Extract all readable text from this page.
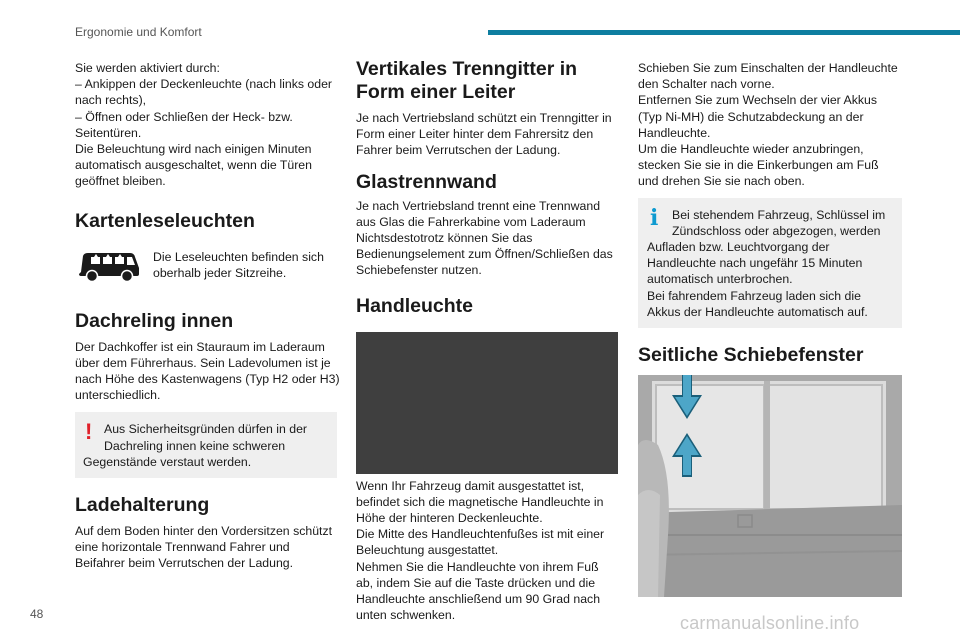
Ergonomie und Komfort

Sie werden aktiviert durch:
– Ankippen der Deckenleuchte (nach links oder nach rechts),
– Öffnen oder Schließen der Heck- bzw. Seitentüren.
Die Beleuchtung wird nach einigen Minuten automatisch ausgeschaltet, wenn die Türen geöffnet bleiben.

Kartenleseleuchten

Die Leseleuchten befinden sich oberhalb jeder Sitzreihe.

Dachreling innen

Der Dachkoffer ist ein Stauraum im Laderaum über dem Führerhaus. Sein Ladevolumen ist je nach Höhe des Kastenwagens (Typ H2 oder H3) unterschiedlich.

! Aus Sicherheitsgründen dürfen in der Dachreling innen keine schweren
Gegenstände verstaut werden.
Ladehalterung

Auf dem Boden hinter den Vordersitzen schützt eine horizontale Trennwand Fahrer und Beifahrer beim Verrutschen der Ladung.

Vertikales Trenngitter in Form einer Leiter

Je nach Vertriebsland schützt ein Trenngitter in Form einer Leiter hinter dem Fahrersitz den Fahrer beim Verrutschen der Ladung.

Glastrennwand

Je nach Vertriebsland trennt eine Trennwand aus Glas die Fahrerkabine vom Laderaum Nichtsdestotrotz können Sie das Bedienungselement zum Öffnen/Schließen das Schiebefenster nutzen.

Handleuchte

Wenn Ihr Fahrzeug damit ausgestattet ist, befindet sich die magnetische Handleuchte in Höhe der hinteren Deckenleuchte.
Die Mitte des Handleuchtenfußes ist mit einer Beleuchtung ausgestattet.
Nehmen Sie die Handleuchte von ihrem Fuß ab, indem Sie auf die Taste drücken und die Handleuchte anschließend um 90 Grad nach unten schwenken.

Schieben Sie zum Einschalten der Handleuchte den Schalter nach vorne.
Entfernen Sie zum Wechseln der vier Akkus (Typ Ni-MH) die Schutzabdeckung an der Handleuchte.
Um die Handleuchte wieder anzubringen, stecken Sie sie in die Einkerbungen am Fuß und drehen Sie sie nach oben.

i	Bei stehendem Fahrzeug, Schlüssel im Zündschloss oder abgezogen, werden
Aufladen bzw. Leuchtvorgang der Handleuchte nach ungefähr 15 Minuten automatisch unterbrochen.
Bei fahrendem Fahrzeug laden sich die Akkus der Handleuchte automatisch auf.
Seitliche Schiebefenster
48	carmanualsonline.info
